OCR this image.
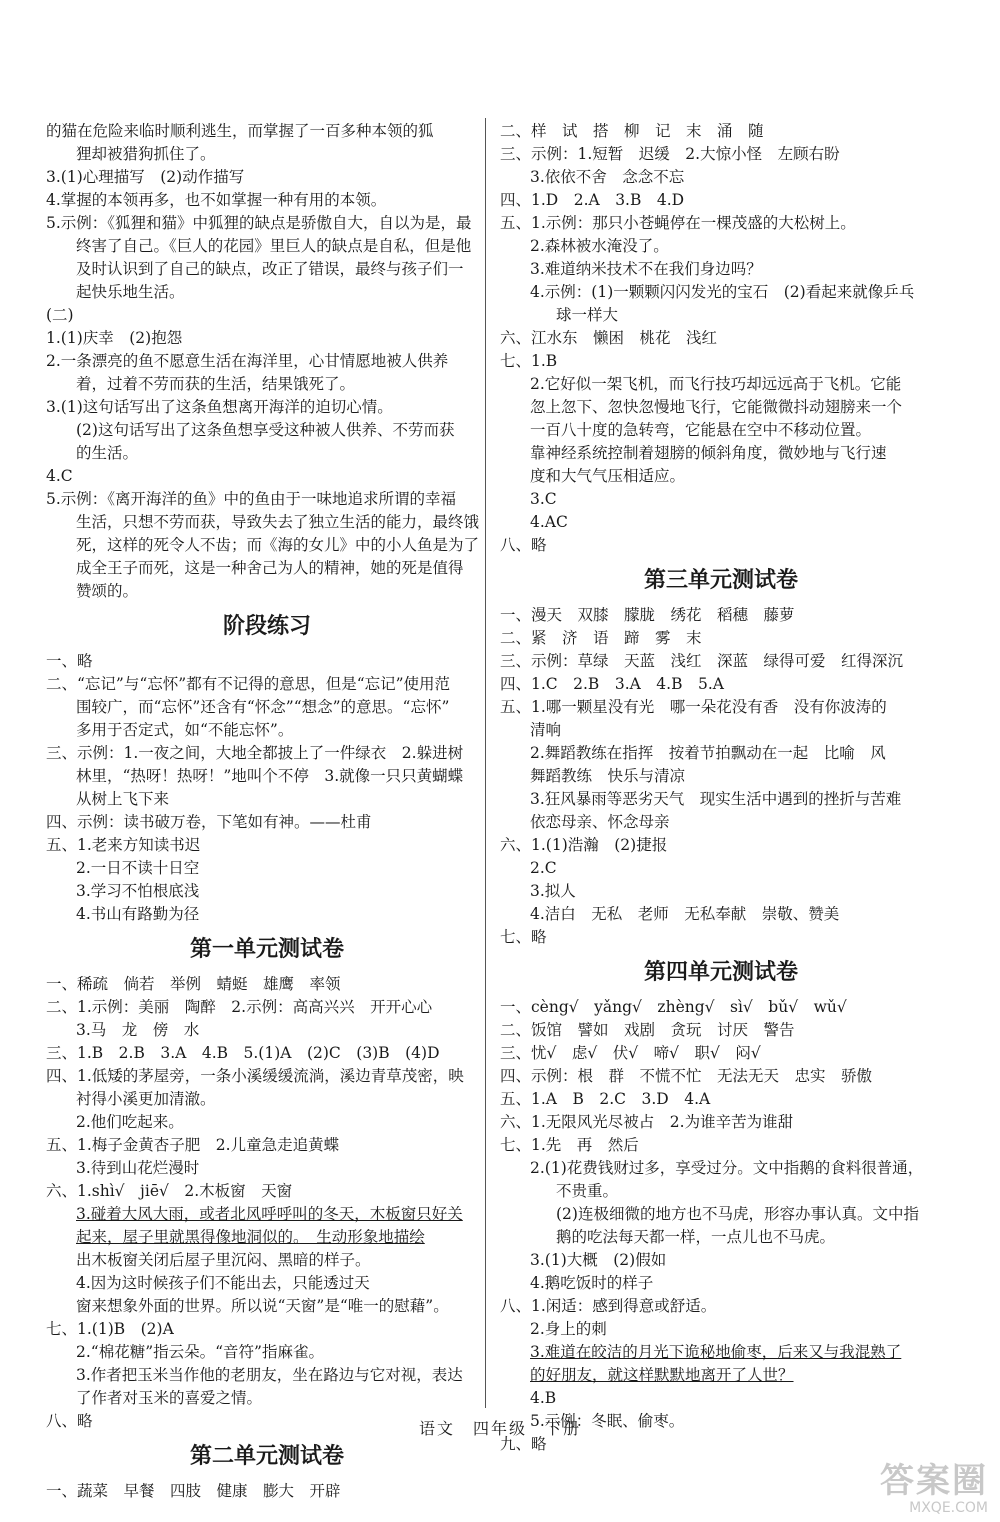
的猫在危险来临时顺利逃生，而掌握了一百多种本领的狐
狸却被猎狗抓住了。
3.(1)心理描写　(2)动作描写
4.掌握的本领再多，也不如掌握一种有用的本领。
5.示例：《狐狸和猫》中狐狸的缺点是骄傲自大，自以为是，最
终害了自己。《巨人的花园》里巨人的缺点是自私，但是他
及时认识到了自己的缺点，改正了错误，最终与孩子们一
起快乐地生活。
(二)
1.(1)庆幸　(2)抱怨
2.一条漂亮的鱼不愿意生活在海洋里，心甘情愿地被人供养
着，过着不劳而获的生活，结果饿死了。
3.(1)这句话写出了这条鱼想离开海洋的迫切心情。
(2)这句话写出了这条鱼想享受这种被人供养、不劳而获
的生活。
4.C
5.示例：《离开海洋的鱼》中的鱼由于一味地追求所谓的幸福
生活，只想不劳而获，导致失去了独立生活的能力，最终饿
死，这样的死令人不齿；而《海的女儿》中的小人鱼是为了
成全王子而死，这是一种舍己为人的精神，她的死是值得
赞颂的。
阶段练习
一、略
二、“忘记”与“忘怀”都有不记得的意思，但是“忘记”使用范
围较广，而“忘怀”还含有“怀念”“想念”的意思。“忘怀”
多用于否定式，如“不能忘怀”。
三、示例：1.一夜之间，大地全都披上了一件绿衣　2.躲进树
林里，“热呀！热呀！”地叫个不停　3.就像一只只黄蝴蝶
从树上飞下来
四、示例：读书破万卷，下笔如有神。——杜甫
五、1.老来方知读书迟
2.一日不读十日空
3.学习不怕根底浅
4.书山有路勤为径
第一单元测试卷
一、稀疏　倘若　举例　蜻蜓　雄鹰　率领
二、1.示例：美丽　陶醉　2.示例：高高兴兴　开开心心
3.马　龙　傍　水
三、1.B　2.B　3.A　4.B　5.(1)A　(2)C　(3)B　(4)D
四、1.低矮的茅屋旁，一条小溪缓缓流淌，溪边青草茂密，映
衬得小溪更加清澈。
2.他们吃起来。
五、1.梅子金黄杏子肥　2.儿童急走追黄蝶
3.待到山花烂漫时
六、1.shì√　jiē√　2.木板窗　天窗
3.碰着大风大雨，或者北风呼呼叫的冬天，木板窗只好关
起来，屋子里就黑得像地洞似的。　生动形象地描绘
出木板窗关闭后屋子里沉闷、黑暗的样子。
4.因为这时候孩子们不能出去，只能透过天
窗来想象外面的世界。所以说“天窗”是“唯一的慰藉”。
七、1.(1)B　(2)A
2.“棉花糖”指云朵。“音符”指麻雀。
3.作者把玉米当作他的老朋友，坐在路边与它对视，表达
了作者对玉米的喜爱之情。
八、略
第二单元测试卷
一、蔬菜　早餐　四肢　健康　膨大　开辟
二、样　试　搭　柳　记　末　涌　随
三、示例：1.短暂　迟缓　2.大惊小怪　左顾右盼
3.依依不舍　念念不忘
四、1.D　2.A　3.B　4.D
五、1.示例：那只小苍蝇停在一棵茂盛的大松树上。
2.森林被水淹没了。
3.难道纳米技术不在我们身边吗？
4.示例：(1)一颗颗闪闪发光的宝石　(2)看起来就像乒乓
球一样大
六、江水东　懒困　桃花　浅红
七、1.B
2.它好似一架飞机，而飞行技巧却远远高于飞机。它能
忽上忽下、忽快忽慢地飞行，它能微微抖动翅膀来一个
一百八十度的急转弯，它能悬在空中不移动位置。
靠神经系统控制着翅膀的倾斜角度，微妙地与飞行速
度和大气气压相适应。
3.C
4.AC
八、略
第三单元测试卷
一、漫天　双膝　朦胧　绣花　稻穗　藤萝
二、紧　济　语　蹄　雾　末
三、示例：草绿　天蓝　浅红　深蓝　绿得可爱　红得深沉
四、1.C　2.B　3.A　4.B　5.A
五、1.哪一颗星没有光　哪一朵花没有香　没有你波涛的
清响
2.舞蹈教练在指挥　按着节拍飘动在一起　比喻　风
舞蹈教练　快乐与清凉
3.狂风暴雨等恶劣天气　现实生活中遇到的挫折与苦难
依恋母亲、怀念母亲
六、1.(1)浩瀚　(2)捷报
2.C
3.拟人
4.洁白　无私　老师　无私奉献　崇敬、赞美
七、略
第四单元测试卷
一、cèng√　yǎng√　zhèng√　sì√　bǔ√　wǔ√
二、饭馆　譬如　戏剧　贪玩　讨厌　警告
三、忧√　虑√　伏√　啼√　职√　闷√
四、示例：根　群　不慌不忙　无法无天　忠实　骄傲
五、1.A　B　2.C　3.D　4.A
六、1.无限风光尽被占　2.为谁辛苦为谁甜
七、1.先　再　然后
2.(1)花费钱财过多，享受过分。文中指鹅的食料很普通，
不贵重。
(2)连极细微的地方也不马虎，形容办事认真。文中指
鹅的吃法每天都一样，一点儿也不马虎。
3.(1)大概　(2)假如
4.鹅吃饭时的样子
八、1.闲适：感到得意或舒适。
2.身上的刺
3.难道在皎洁的月光下诡秘地偷枣，后来又与我混熟了
的好朋友，就这样默默地离开了人世？
4.B
5.示例：冬眠、偷枣。
九、略
语文　四年级　下册
答案圈
MXQE.COM
